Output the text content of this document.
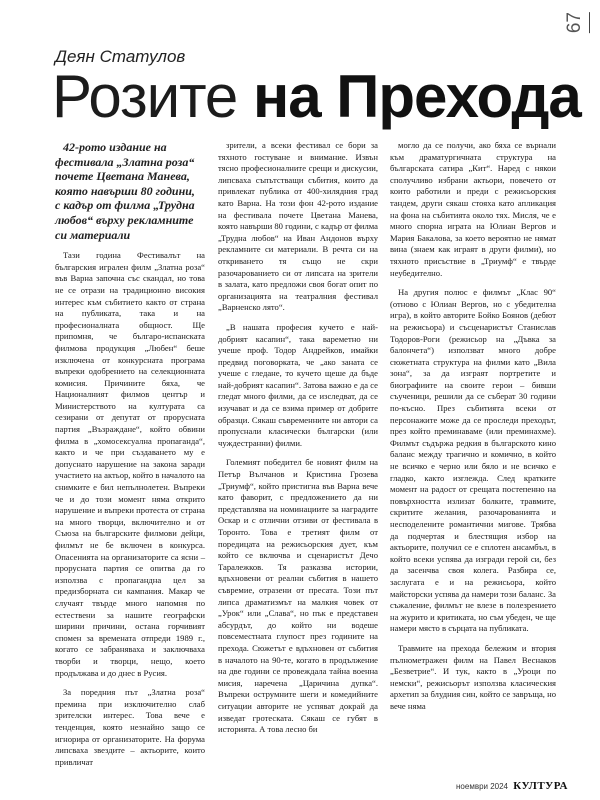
67
Деян Статулов
Розите на Прехода

42-рото издание на фестивала „Златна роза“ почете Цветана Манева, която навърши 80 години, с кадър от филма „Трудна любов“ върху рекламните си материали

Тази година Фестивалът на българския игрален филм „Златна роза“ във Варна започна със скандал, но това не се отрази на традиционно високия интерес към събитието както от страна на публиката, така и на професионалната общност. Ще припомня, че българо-испанската филмова продукция „Любен“ беше изключена от конкурсната програма въпреки одобрението на селекционната комисия. Причините бяха, че Националният филмов център и Министерството на културата са сезирани от депутат от прорусната партия „Възраждане“, който обвини филма в „хомосексуална пропаганда“, както и че при създаването му е допуснато нарушение на закона заради участието на актьор, който в началото на снимките е бил непълнолетен. Въпреки че и до този момент няма открито нарушение и въпреки протеста от страна на много творци, включително и от Съюза на българските филмови дейци, филмът не бе включен в конкурса. Опасенията на организаторите са ясни – прорусната партия се опитва да го използва с пропагандна цел за предизборната си кампания. Макар че случаят твърде много напомня по естествени за нашите географски ширини причини, остана горчивият спомен за времената отпреди 1989 г., когато се забраняваха и заключваха творби и творци, нещо, което продължава и до днес в Русия.

За поредния път „Златна роза“ премина при изключително слаб зрителски интерес. Това вече е тенденция, която незнайно защо се игнорира от организаторите. На форума липсваха звездите – актьорите, които привличат

зрители, а всеки фестивал се бори за тяхното гостуване и внимание. Извън тясно професионалните срещи и дискусии, липсваха съпътстващи събития, които да привлекат публика от 400-хилядния град като Варна. На този фон 42-рото издание на фестивала почете Цветана Манева, която навърши 80 години, с кадър от филма „Трудна любов“ на Иван Андонов върху рекламните си материали. В речта си на откриването тя също не скри разочарованието си от липсата на зрители в залата, като предложи своя богат опит по организацията на театралния фестивал „Варненско лято“.

„В нашата професия кучето е най-добрият касапин“, така вареметно ни учеше проф. Тодор Андрейков, имайки предвид поговорката, че „ако заната се учеше с гледане, то кучето щеше да бъде най-добрият касапин“. Затова важно е да се гледат много филми, да се изследват, да се изучават и да се взима пример от добрите образци. Сякаш съвременните ни автори са пропуснали класически български (или чуждестранни) филми.

Големият победител бе новият филм на Петър Вълчанов и Кристина Грозева „Триумф“, който пристигна във Варна вече като фаворит, с предложението да ни представлява на номинациите за наградите Оскар и с отлични отзиви от фестивала в Торонто. Това е третият филм от поредицата на режисьорския дует, към който се включва и сценаристът Дечо Таралежков. Тя разказва истории, вдъхновени от реални събития в нашето съвремие, отразени от пресата. Този път липса драматизмът на малкия човек от „Урок“ или „Слава“, но пък е представен абсурдът, до който ни водеше повсеместната глупост през годините на прехода. Сюжетът е вдъхновен от събития в началото на 90-те, когато в продължение на две години се провеждала тайна военна мисия, наречена „Царичина дупка“. Въпреки острумните шеги и комедийните ситуации авторите не успяват докрай да изведат гротеската. Сякаш се губят в историята. А това лесно би

могло да се получи, ако бяха се върнали към драматургичната структура на българската сатира „Кит“. Наред с някои сполучливо избрани актьори, повечето от които работили и преди с режисьорския тандем, други сякаш стояха като апликация на фона на събитията около тях. Мисля, че е много спорна играта на Юлиан Вергов и Мария Бакалова, за което вероятно не нямат вина (знаем как играят в други филми), но тяхното присъствие в „Триумф“ е твърде неубедително.

На другия полюс е филмът „Клас 90“ (отново с Юлиан Вергов, но с убедителна игра), в който авторите Бойко Боянов (дебют на режисьора) и съсценаристът Станислав Тодоров-Роги (режисьор на „Дъвка за балончета“) използват много добре сюжетната структура на филми като „Вила зона“, за да изграят портретите и биографиите на своите герои – бивши съученици, решили да се съберат 30 години по-късно. През събитията всеки от персонажите може да се проследи преходът, през който преминаваме (или преминахме). Филмът съдържа редкия в българското кино баланс между трагично и комично, в който не всичко е черно или бяло и не всичко е гладко, както изглежда. След кратките момент на радост от срещата постепенно на повърхността излизат болките, травмите, скритите желания, разочарованията и несподелените романтични мигове. Трябва да подчертая и блестящия избор на актьорите, получил се е сплотен ансамбъл, в който всеки успява да изгради герой си, без да засенчва своя колега. Разбира се, заслугата е и на режисьора, който майсторски успява да намери този баланс. За съжаление, филмът не влезе в полезрението на журито и критиката, но съм убеден, че ще намери място в сърцата на публиката.

Травмите на прехода бележим и втория пълнометражен филм на Павел Веснаков „Безветрие“. И тук, както в „Уроци по немски“, режисьорът използва класическия архетип за блудния син, който се завръща, но вече няма

ноември 2024 КУЛТУРА
